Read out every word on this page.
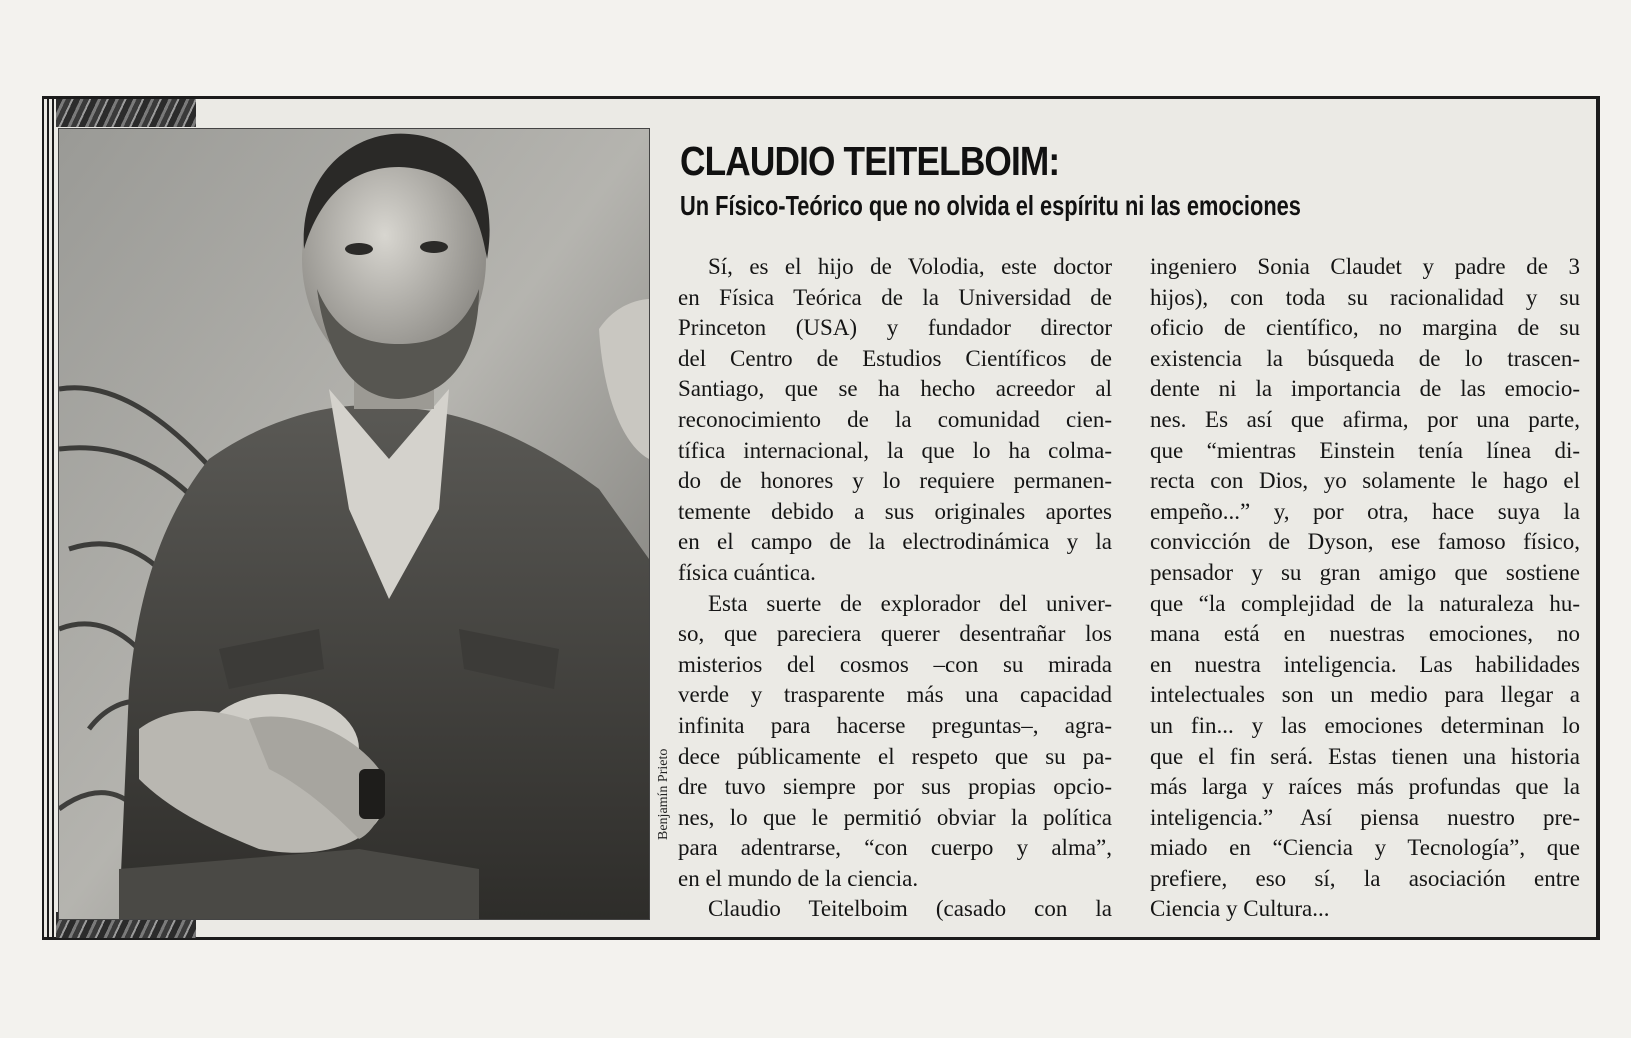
Benjamín Prieto
CLAUDIO TEITELBOIM:
Un Físico-Teórico que no olvida el espíritu ni las emociones
Sí, es el hijo de Volodia, este doctor
en Física Teórica de la Universidad de
Princeton (USA) y fundador director
del Centro de Estudios Científicos de
Santiago, que se ha hecho acreedor al
reconocimiento de la comunidad cien-
tífica internacional, la que lo ha colma-
do de honores y lo requiere permanen-
temente debido a sus originales aportes
en el campo de la electrodinámica y la
física cuántica.
Esta suerte de explorador del univer-
so, que pareciera querer desentrañar los
misterios del cosmos –con su mirada
verde y trasparente más una capacidad
infinita para hacerse preguntas–, agra-
dece públicamente el respeto que su pa-
dre tuvo siempre por sus propias opcio-
nes, lo que le permitió obviar la política
para adentrarse, “con cuerpo y alma”,
en el mundo de la ciencia.
Claudio Teitelboim (casado con la
ingeniero Sonia Claudet y padre de 3
hijos), con toda su racionalidad y su
oficio de científico, no margina de su
existencia la búsqueda de lo trascen-
dente ni la importancia de las emocio-
nes. Es así que afirma, por una parte,
que “mientras Einstein tenía línea di-
recta con Dios, yo solamente le hago el
empeño...” y, por otra, hace suya la
convicción de Dyson, ese famoso físico,
pensador y su gran amigo que sostiene
que “la complejidad de la naturaleza hu-
mana está en nuestras emociones, no
en nuestra inteligencia. Las habilidades
intelectuales son un medio para llegar a
un fin... y las emociones determinan lo
que el fin será. Estas tienen una historia
más larga y raíces más profundas que la
inteligencia.” Así piensa nuestro pre-
miado en “Ciencia y Tecnología”, que
prefiere, eso sí, la asociación entre
Ciencia y Cultura...
